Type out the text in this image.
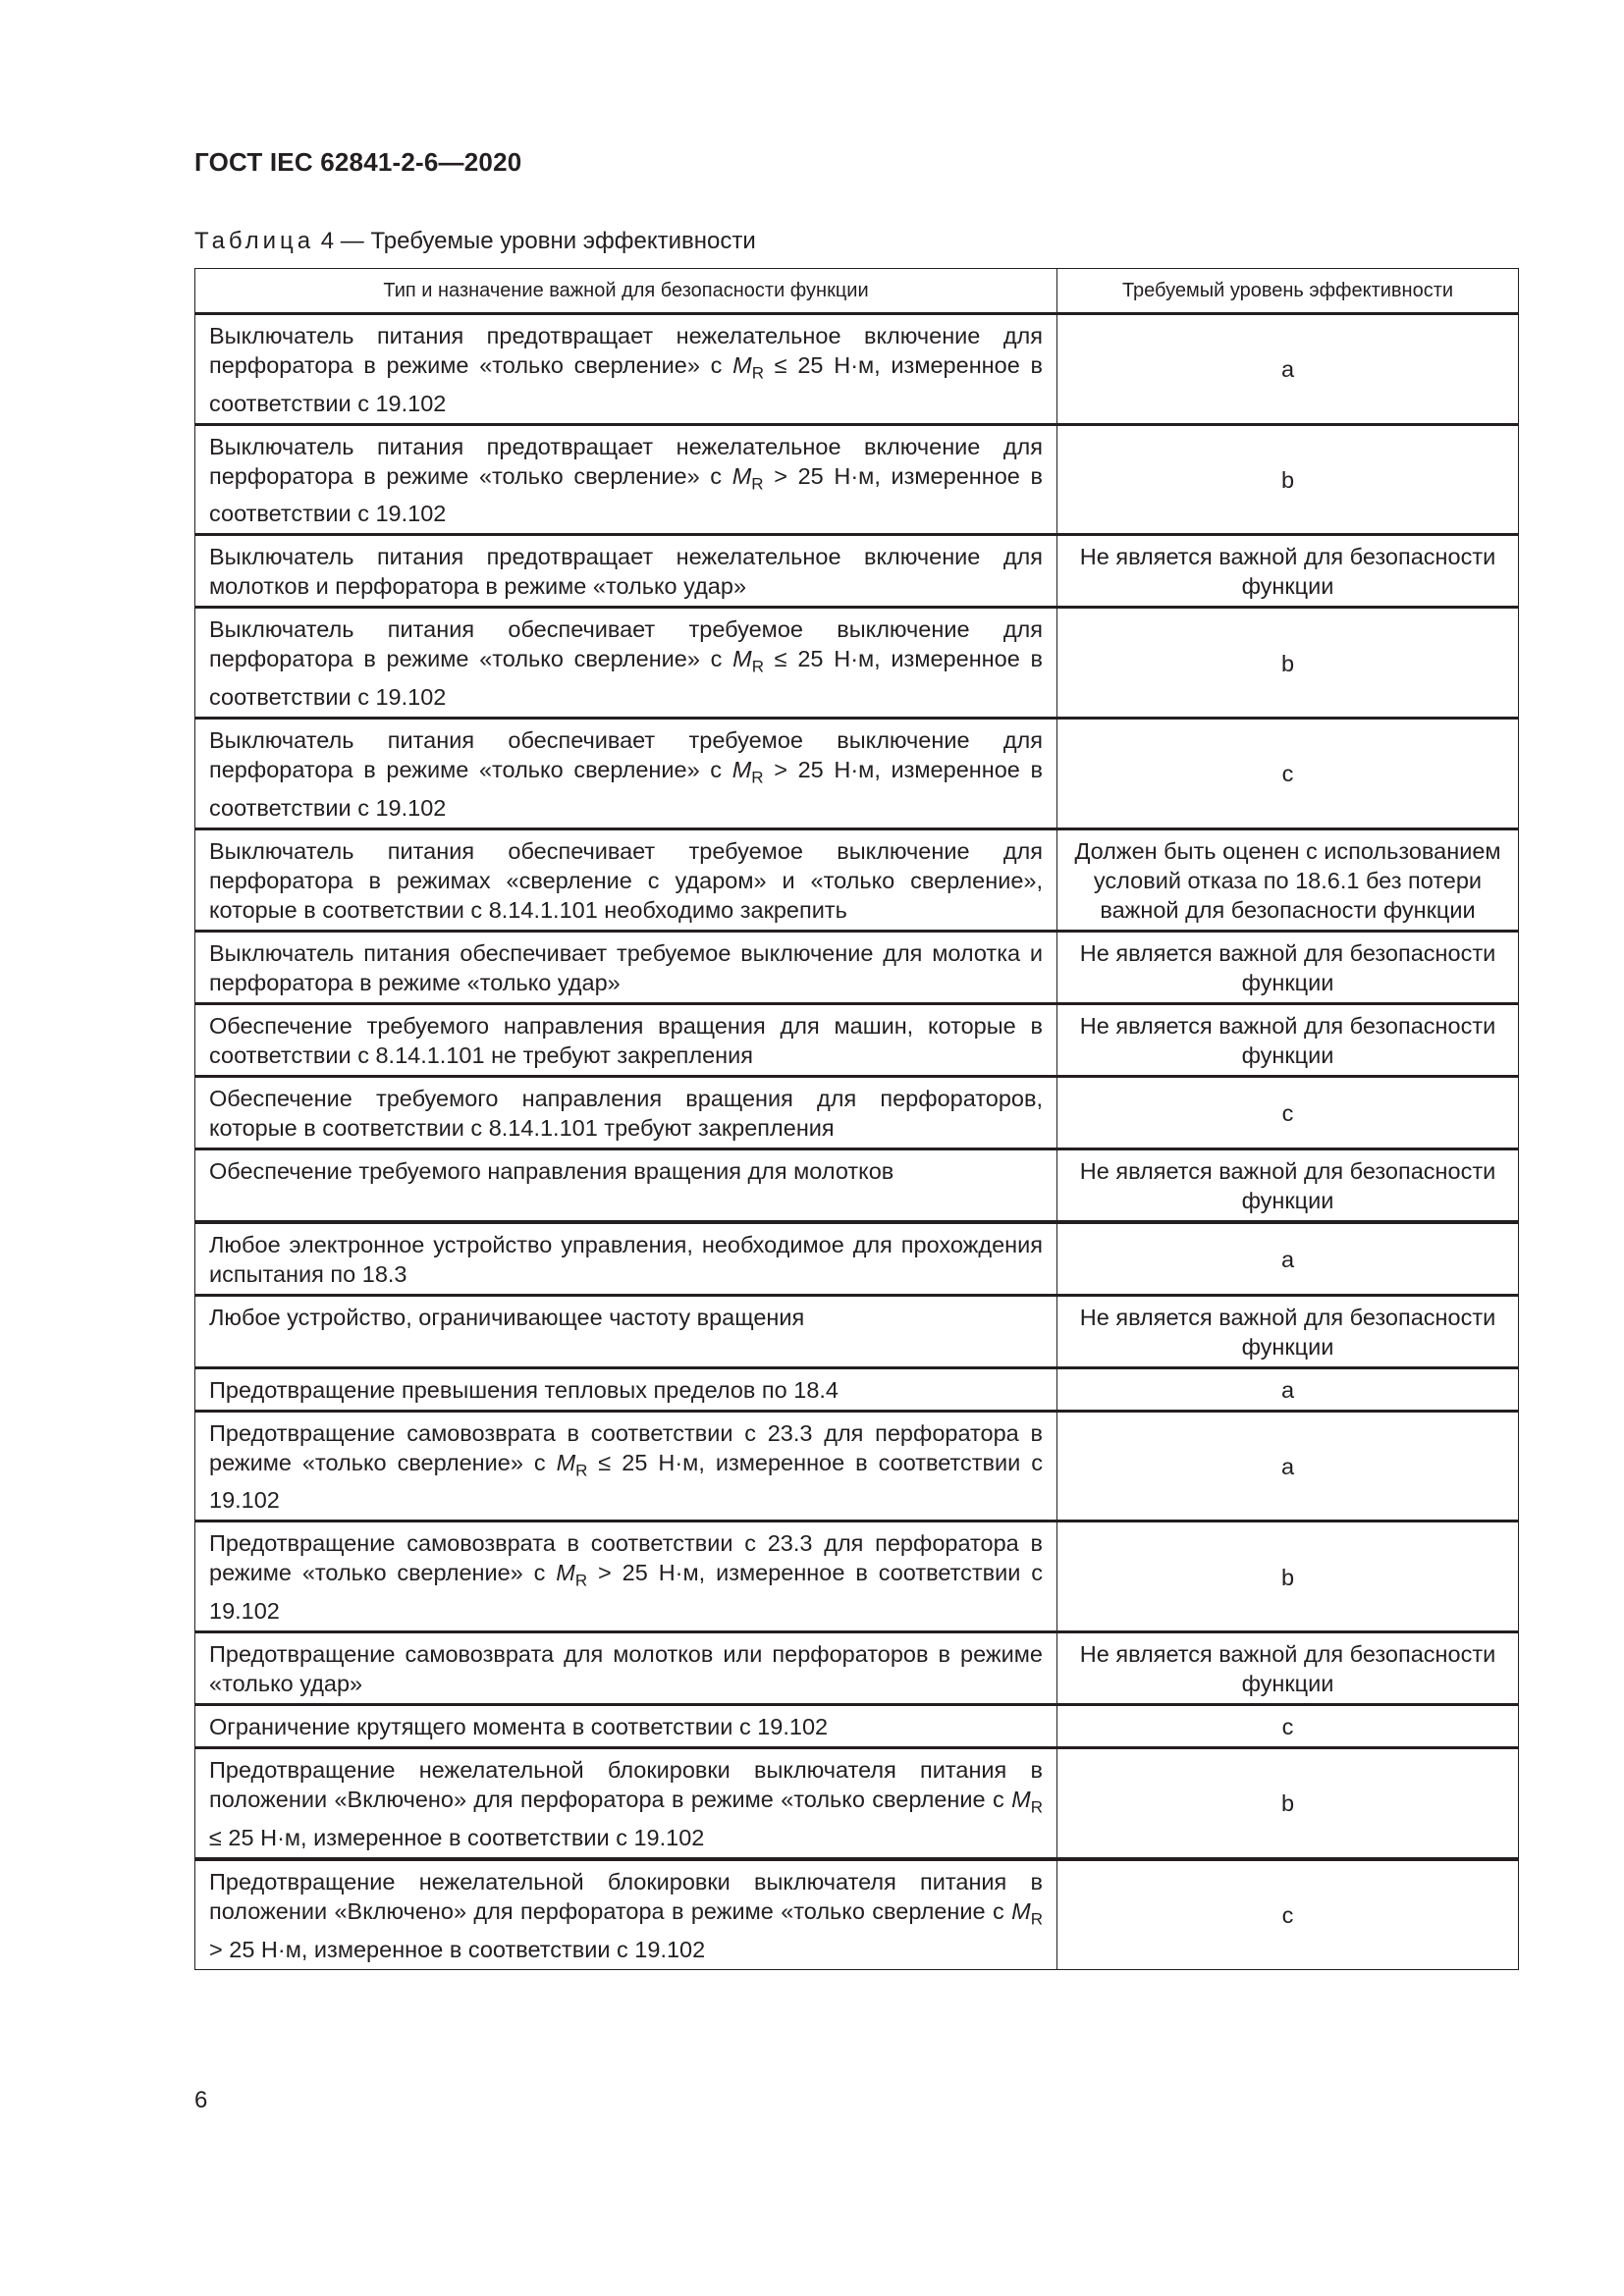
ГОСТ IEC 62841-2-6—2020
Таблица 4 — Требуемые уровни эффективности
Тип и назначение важной для безопасности функции	Требуемый уровень эффективности
Выключатель питания предотвращает нежелательное включение для перфоратора в режиме «только сверление» с $M_R \le 25$ Н·м, измеренное в соответствии с 19.102	a
Выключатель питания предотвращает нежелательное включение для перфоратора в режиме «только сверление» с $M_R > 25$ Н·м, измеренное в соответствии с 19.102	b
Выключатель питания предотвращает нежелательное включение для молотков и перфоратора в режиме «только удар»	Не является важной для безопасности функции
Выключатель питания обеспечивает требуемое выключение для перфоратора в режиме «только сверление» с $M_R \le 25$ Н·м, измеренное в соответствии с 19.102	b
Выключатель питания обеспечивает требуемое выключение для перфоратора в режиме «только сверление» с $M_R > 25$ Н·м, измеренное в соответствии с 19.102	c
Выключатель питания обеспечивает требуемое выключение для перфоратора в режимах «сверление с ударом» и «только сверление», которые в соответствии с 8.14.1.101 необходимо закрепить	Должен быть оценен с использованием условий отказа по 18.6.1 без потери важной для безопасности функции
Выключатель питания обеспечивает требуемое выключение для молотка и перфоратора в режиме «только удар»	Не является важной для безопасности функции
Обеспечение требуемого направления вращения для машин, которые в соответствии с 8.14.1.101 не требуют закрепления	Не является важной для безопасности функции
Обеспечение требуемого направления вращения для перфораторов, которые в соответствии с 8.14.1.101 требуют закрепления	c
Обеспечение требуемого направления вращения для молотков	Не является важной для безопасности функции
Любое электронное устройство управления, необходимое для прохождения испытания по 18.3	a
Любое устройство, ограничивающее частоту вращения	Не является важной для безопасности функции
Предотвращение превышения тепловых пределов по 18.4	a
Предотвращение самовозврата в соответствии с 23.3 для перфоратора в режиме «только сверление» с $M_R \le 25$ Н·м, измеренное в соответствии с 19.102	a
Предотвращение самовозврата в соответствии с 23.3 для перфоратора в режиме «только сверление» с $M_R > 25$ Н·м, измеренное в соответствии с 19.102	b
Предотвращение самовозврата для молотков или перфораторов в режиме «только удар»	Не является важной для безопасности функции
Ограничение крутящего момента в соответствии с 19.102	c
Предотвращение нежелательной блокировки выключателя питания в положении «Включено» для перфоратора в режиме «только сверление с $M_R \le 25$ Н·м, измеренное в соответствии с 19.102	b
Предотвращение нежелательной блокировки выключателя питания в положении «Включено» для перфоратора в режиме «только сверление с $M_R > 25$ Н·м, измеренное в соответствии с 19.102	c
6
